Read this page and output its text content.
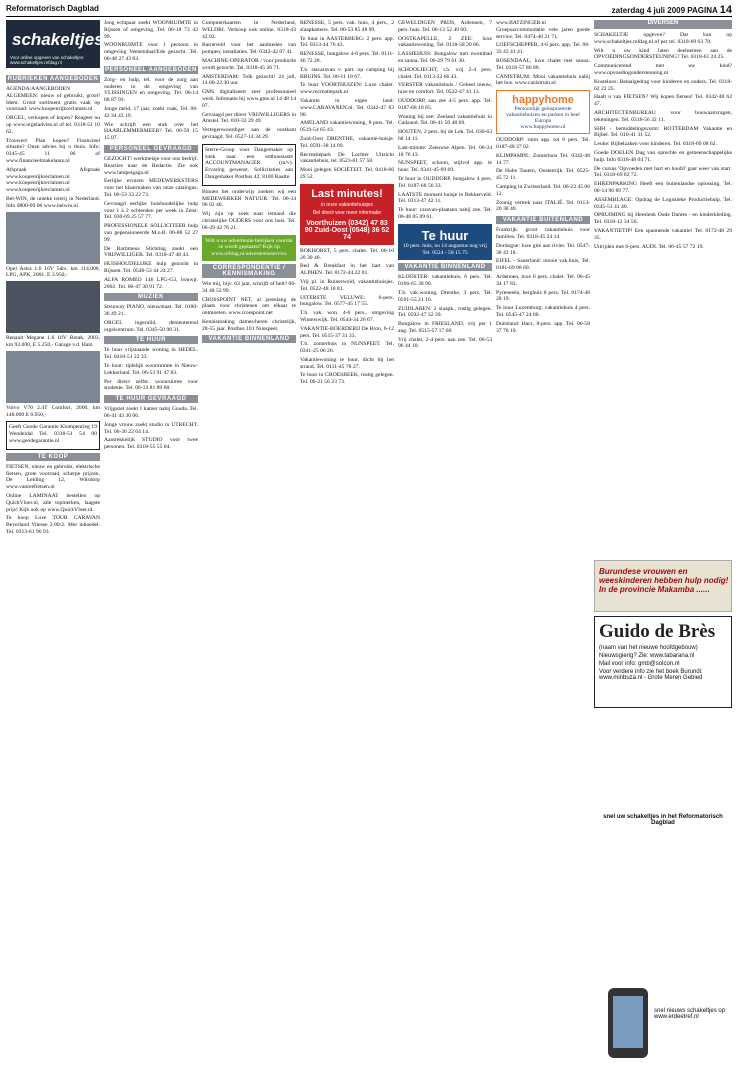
Reformatorisch Dagblad	zaterdag 4 juli 2009 PAGINA 14
schakeltjes
Voor online opgeven van schakeltjes: www.schakeltjes.refdag.nl
RUBRIEKEN AANGEBODEN

AGENDA/AANGEBODEN ALGEMEEN: nieuw of gebruikt, groot! Idem. Groot sortiment gratis vaak op voorraad: www.koopenrijkreclamen.nl

ORGEL, verkopen of kopen? Reageer nu op www.orgeladvies.nl of tel. 0318-51 10 62.

Trouwen! Plan kopen? Financieel situatie? Onze advies bij u thuis. Info: 0345-45 11 06 of www.financieelmakelaars.nl

Afspraak Afspraak www.koopenrijkreclamen.nl www.koopenrijkreclamen.nl www.koopenrijkreclamen.nl

Bel-WIN, de unieke loterij in Nederland. Info 0800-09 06 www.belwin.nl

Opel Astra 1.6 16V 5drs. km 114.000, LPG, APK, 2001. E 3.950,-

Renault Megane 1.6 16V Break, 2003, km 92.000, E 5.250,- Garage v.d. Ham

Volvo V70 2.4T Comfort, 2000, km 148.000 E 6.950,-

Geeft Geode Garantie Klompenrieg 19 Wendeldal Tel. 0318-51 54 00 www.geodegarantie.nl

TE KOOP

FIETSEN, nieuw en gebruikt, elektrische fietsen, grote voorraad, scherpe prijzen. De Leiding 12, Wilsdorp www.vanreefietsen.nl

Online LAMINAAT bestellen op QuickVloer.nl, alle topmerken, laagste prijs! Kijk ook op www.QuickVloer.nl.

Te koop Luxe TOUR CARAVAN Beyerland Vitesse 2.80/2. Met inboedel. Tel. 0313-61 96 93.

Jong echtpaar zoekt WOONRUIMTE in Rijssen of omgeving. Tel. 06-18 73 42 99.

WOONRUIMTE voor 1 persoon in omgeving Veenendaal/Ede gezocht. Tel. 06-48 27 43 83.

PERSONEEL AANGEBODEN

Zorg- en hulp, tel. voor de zorg aan ouderen in de omgeving van VLISSINGEN en omgeving. Tel. 06-14 68 87 93.

Jonge meid, 17 jaar, zoekt vaak, Tel. 06-42 34 43 19.

Wie schrijft een stuk over het HAARLEMMERMEER? Tel. 06-59 15 15 07.

PERSONEEL GEVRAAGD

GEZOCHT! werkmeisje voor ons bedrijf. Reacties naar de Redactie. Zie ook www.lampeigaga.nl

Eerlijke ervaren MEDEWERKSTERS voor het klaarmaken van onze catalogus. Tel. 06-53 33 22 73.

Gevraagd eerlijke huishoudelijke hulp voor 1 à 2 ochtenden per week in Zeist. Tel. 030-69 25 57 77.

PROFESSIONELE SOLLICITEER hulp van gepensioneerde M.o.R. 06-88 52 27 99.

De Bartimeus Stichting zoekt een VRIJWILLIGER. Tel. 0318-47 48 43.

HUISHOUDELIJKE hulp gezocht in Rijssen. Tel. 0548-53 44 24 27.

ALFA ROMEO 146 LPG-G3, bouwjr. 2002. Tel. 06-47 30 91 72.

MUZIEK

Steinway PIANO, nieuwstaat. Tel. 0180-36 49 21.

ORGEL ingeruild, dementerend orgelcentrum. Tel. 0345-50 98 31.

TE HUUR

Te huur vrijstaande woning in HEDEL. Tel. 0418-51 22 33.

Te huur: tijdelijk woonruimte in Nieuw-Lekkerland. Tel. 06-53 91 47 83.

Per direct zelfst. woonruimte voor studente. Tel. 06-13 81 89 68.

TE HUUR GEVRAAGD

Vrijgezel zoekt 1 kamer nabij Gouda. Tel. 06-41 43 30 06.

Jonge vrouw zoekt studio in UTRECHT. Tel. 06-36 22 64 14.

Aantrekkelijk STUDIO voor twee personen. Tel. 0318-55 55 04.

Computerkaarten in Nederland, WELDRI. Verkoop ook online. 0318-43 42 02.

Barneveld voor het aanbieden van pompen, installaties. Tel. 0342-42 07 41.

MACHINE-OPERATOR / voor productie wordt gezocht. Tel. 0318-45 26 71.

AMSTERDAM: Tolk gezocht! 24 juli, 14.00-22.30 uur.

GMS digitaliseert zeer professioneel werk. Infomatie bij www.gms.nl 14 48 14 07.

Gevraagd per direct VRIJWILLIGERS in Amstel. Tel. 010-33 29 49.

Vertegenwoordiger aan de oostkant gevraagd. Tel. 0527-14 34 29.

Sterre-Group voor Dangemaker op zoek naar een enthousiaste ACCOUNTMANAGER (m/v). Ervaring gewenst. Sollicitaties aan Dangemaker Postbus 42, 8100 Raalte.

Binnen het onderwijs zoeken wij een MEDEWERKER NATUUR. Tel. 06-34 96 03 40.

Wij zijn op zoek naar iemand die christelijke OUDERS voor ons huis. Tel. 06-29 42 76 21.

Wilt u uw advertentie bekijken voordat ze wordt geplaatst? Kijk op www.refdag.nl/advertentieservice
CORRESPONDENTIE / KENNISMAKING

Wie mij, bijv. 63 jaar, schrijft of belt? 06-34 48 53 99.

CROSSPOINT NET, al jarenlang de plaats voor christenen om elkaar te ontmoeten. www.crosspoint.net

Kennismaking dames/heren christelijk, 28-55 jaar. Postbus 101 Nunspeet.

VAKANTIE BINNENLAND

RENESSE, 5 pers. vak. huis, 4 pers., 2 slaapkamers. Tel. 06-53 85 48 99.

Te huur in AASTERBERG: 2 pers. app. Tel. 0313-44 76 43.

RENESSE, bungalow 4-6 pers. Tel. 0111-46 72 20.

T.h. stacaravan v. part. op camping bij BRUINS. Tel. 06-11 18 67.

Te huur VOORTHUIZEN: Luxe chalet. www.recreatiepark.nl

Vakantie in eigen land: www.CARAVANEN.nl. Tel. 0342-47 83 90.

AMELAND vakantiewoning, 8 pers. Tel. 0519-54 65 43.

Zuid-Oost DRENTHE, vakantie-huisje. Tel. 0591-38 14 09.

Recreatiepark De Lochter Uitzicht vakantiehuis, tel. 0523-61 57 58.

Mooi gelegen SOCIËTEIT. Tel. 0418-66 29 52.

Last minutes!
in onze vakantiehuisjes
Bel direct voor meer informatie
Voorthuizen (0342) 47 83 90 Zuid-Oost (0548) 36 52 74

BOKHORST, 5 pers. chalet. Tel. 06-10 20 30 40.

Bed & Breakfast in het hart van ALPHEN. Tel. 0172-44 22 01.

Vrij pl. in Ruinerwold, vakantiehuisjes. Tel. 0522-48 18 81.

UITERSTE VELUWE: 6-pers. bungalow. Tel. 0577-45 17 55.

T.h. vak. won. 4-6 pers., omgeving Winterswijk. Tel. 0544-34 26 67.

VAKANTIE-BOERDERIJ De Bron, 6-12 pers. Tel. 0515-37 31 33.

T.h. zomerhuis in NUNSPEET. Tel. 0341-25 06 26.

Vakantiewoning te huur, dicht bij het strand. Tel. 0111-45 78 27.

Te huur in GROESBEEK, rustig gelegen. Tel. 06-21 56 23 73.

GEWELDIGEN PRIJS, Ardennen, 7 pers. huis. Tel. 06-13 52 49 60.

OOSTKAPELLE, 2 ZEE: luxe vakantiewoning. Tel. 0118-58 20 06.

LASSIEHUIS: Bungalow met zwembad en sauna. Tel. 06-29 79 61 30.

SCHOOLJECHT, t.h. vrij 2-4 pers. chalet. Tel. 0113-22 66 43.

VERSTER vakantiehuis / Geheel nieuw, luxe en comfort. Tel. 0522-47 41 13.

OUDDORP, aan zee 4-5 pers. app. Tel. 0187-68 10 85.

Woning bij zee: Zeeland vakantiehuis in Cadzand. Tel. 06-41 50 48 69.

HOUTEN, 2 pers. bij de Lek. Tel. 030-63 68 14 11.

Last-minute: Zeeuwse Alpen. Tel. 06-34 18 76 13.

NUNSPEET, schoon, stijlvol app. te huur. Tel. 0341-45 69 69.

Te huur in OUDDORP, bungalow 4 pers. Tel. 0187-68 56 33.

LAATSTE moment huisje in Bekkerveld. Tel. 0313-47 42 11.

Te huur: caravan-plaatsen nabij zee. Tel. 06-48 05 09 61.

Te huur
10 pers. huis, nu 14 augustus nog vrij
Tel. 0524 - 58 15 75
VAKANTIE BINNENLAND

KLOOSTER: vakantiehuis, 6 pers. Tel. 0166-65 38 90.

T.h. vak.woning, Drenthe, 3 pers. Tel. 0591-55 21 10.

ZUIDLAREN: 2 slaapk., rustig gelegen. Tel. 0592-47 32 39.

Bungalow in FRIESLAND, vrij per 1 aug. Tel. 0515-57 17 60.

Vrij chalet, 2-4 pers. aan zee. Tel. 06-53 96 44 10.

www.BATZINGER.nl Groepsaccommodatie vele jaren goede service. Tel. 0474-40 21 71.

LOEFSCHEPPER, 4-6 pers. app. Tel. 06-33 43 41 41.

ROSENDAAL, luxe chalet met sauna. Tel. 0318-57 86 00.

CANISTRUM: Mooi vakantiehuis nabij het bos. www.canistrum.nl

happyhome
Persoonlijk geïnspireerde vakantiehuizen en parken in heel Europa
www.happyhome.nl

OUDDORP: ruim app. tot 6 pers. Tel. 0187-48 37 02.

KLIMPAMPE: Zomerhuis Tel. 0342-48 14 77.

De Hohe Tauern, Oostenrijk. Tel. 0525-45 72 11.

Camping in Zwitserland. Tel. 06-23 45 06 12.

Zonnig vertrek naar ITALIË. Tel. 0113-20 38 40.

VAKANTIE BUITENLAND

Frankrijk: groot vakantiehuis voor families. Tel. 0318-45 24 14.

Dordogne: luxe gite aan rivier. Tel. 0547-38 43 18.

EIFEL - Sauerland: mooie vak.huis, Tel. 0181-69 08 60.

Ardennen, luxe 6 pers. chalet. Tel. 06-45 34 17 83.

Pyreneeën, berghuis 8 pers. Tel. 0174-48 28 19.

Te huur Luxemburg: vakantiehuis 4 pers. Tel. 0545-47 24 00.

Duitsland: Harz, 8-pers. app. Tel. 06-58 37 70 10.

DIVERSEN

SCHAKELTJE opgeven? Dat kan op www.schakeltjes.refdag.nl of per tel. 0318-69 63 70.

Wilt u uw kind laten deelnemen aan de OPVOEDINGSONDERSTEUNING? Tel. 0318-61 24 25.

Communicerend met uw kind? www.opvoedingondersteuning.nl

Kosteloos: Betaalgedrag voor kinderen en ouders. Tel. 0318-62 22 25.

Haalt u van FIETSEN? Wij kopen fietsen! Tel. 0342-48 62 47.

ARCHITECTENBUREAU voor bouwaanvragen, tekeningen. Tel. 0318-56 32 11.

SHH - bemiddelingsvorm: ROTTERDAM Vakantie en Bijbel. Tel. 010-41 31 52.

Leuke: Bijbelzaken voor kinderen. Tel. 0318-69 08 62.

Goede DOELEN Dag van oprechte en gemeenschappelijke hulp. Info 0318-48 04 71.

De cursus 'Opvoeden met hart en hoofd' gaat weer van start. Tel. 0318-69 82 72.

EHRENPARKING Heeft een buitenlandse oplossing. Tel. 06-14 96 89 77.

ASSEMBLAGE: Opdrag de Logistieke Productiehulp. Tel. 0345-51 41 40.

OPRUIMING bij Heeslenk Oude Dames - en kinderkleding. Tel. 0318-12 34 56.

VAKANTIETIP! Een spannende vakantie! Tel. 0172-48 29 35.

Uitrijden met 6-pers. AUDI. Tel. 06-45 57 72 19.

Burundese vrouwen en weeskinderen hebben hulp nodig! In de provincie Makamba ......
Guido de Brès
(naam van het nieuwe hoofdgebouw)
Nieuwsgierig? Zie: www.tabarana.nl
Mail voor info: gmb@solcon.nl
Voor verdere info zie het boek Burundi: www.minbuza.nl - Grote Meren Gebied
snel uw schakeltjes in het Reformatorisch Dagblad
snel nieuws schakeltjes op www.erdeetref.nl
